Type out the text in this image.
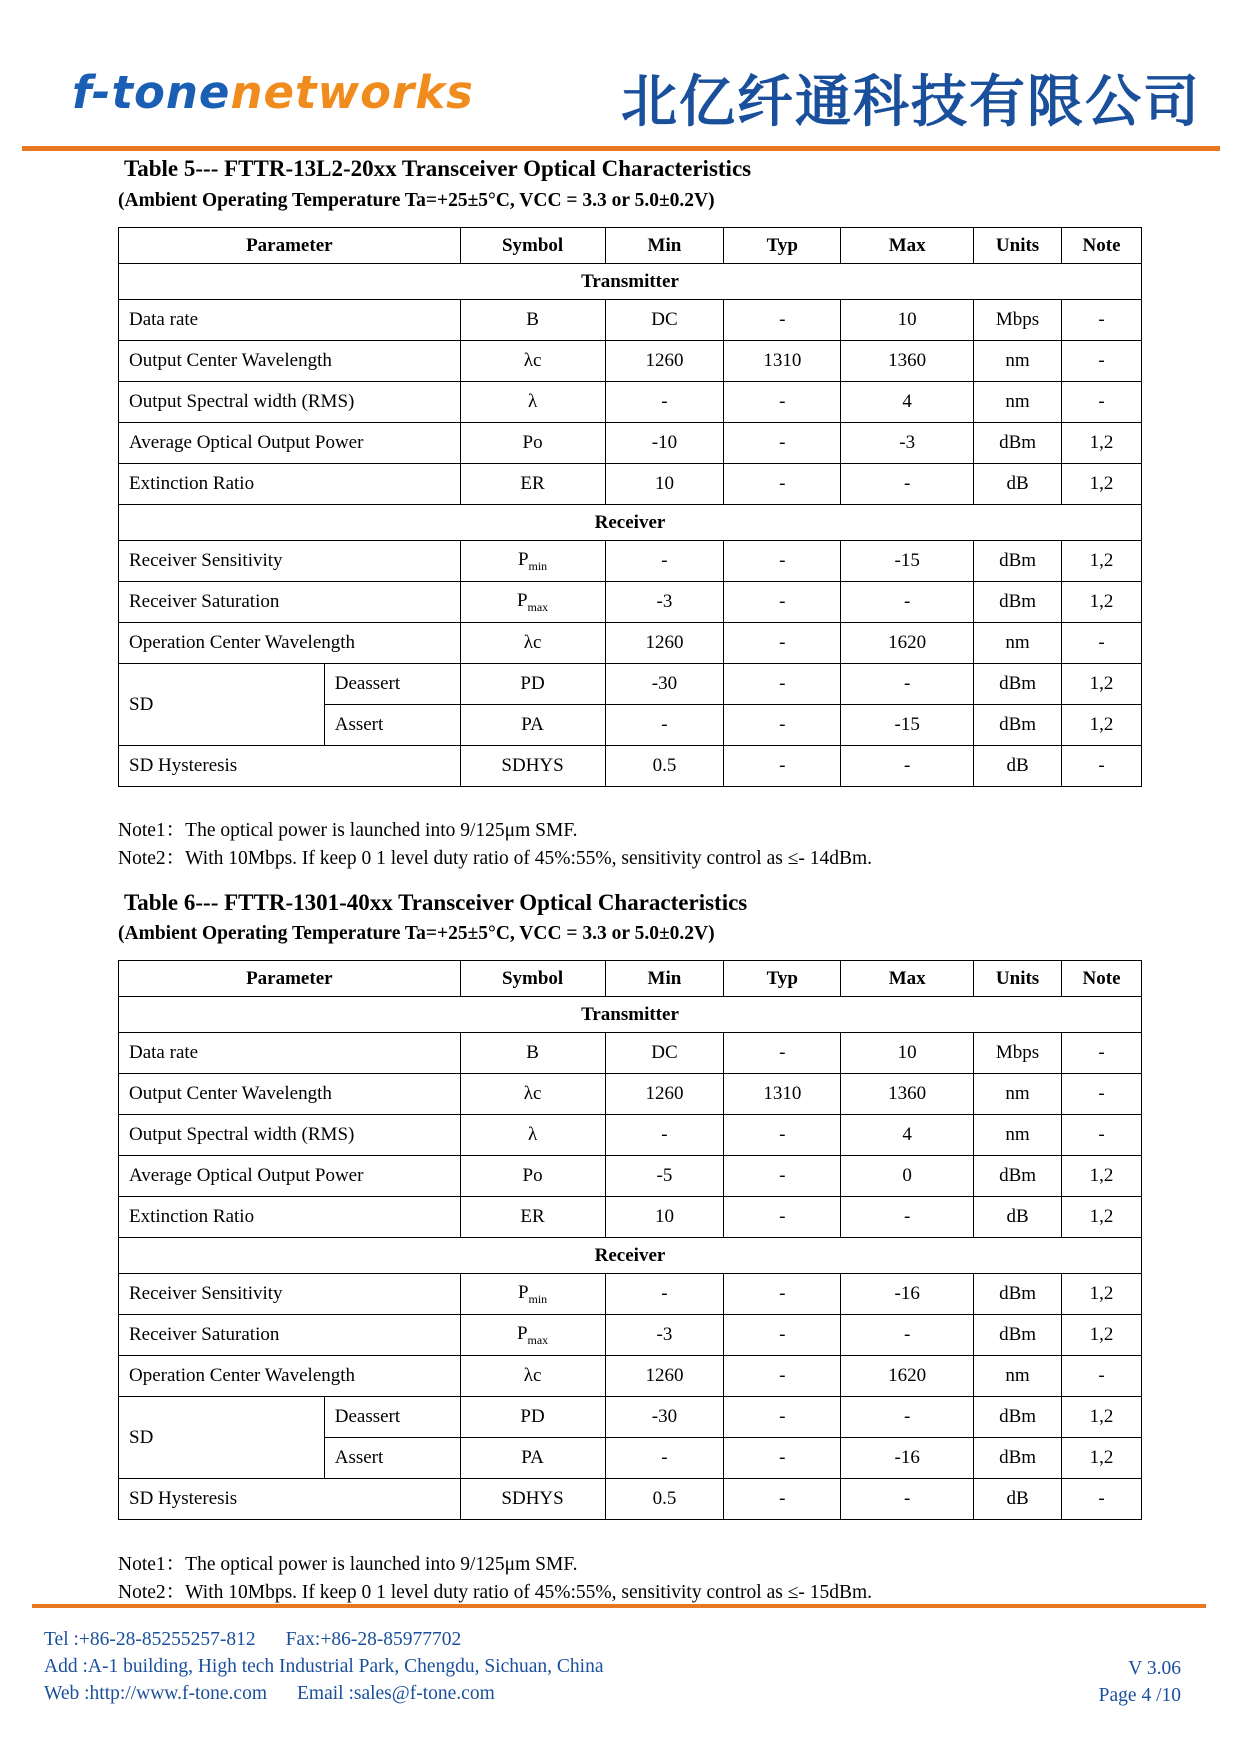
f-tonenetworks	北亿纤通科技有限公司
Table 5--- FTTR-13L2-20xx Transceiver Optical Characteristics
(Ambient Operating Temperature Ta=+25±5°C, VCC = 3.3 or 5.0±0.2V)
Parameter		Symbol	Min	Typ	Max	Units	Note
Transmitter							
Data rate		B	DC	-	10	Mbps	-
Output Center Wavelength		λc	1260	1310	1360	nm	-
Output Spectral width (RMS)		λ	-	-	4	nm	-
Average Optical Output Power		Po	-10	-	-3	dBm	1,2
Extinction Ratio		ER	10	-	-	dB	1,2
Receiver							
Receiver Sensitivity		$P_{min}$	-	-	-15	dBm	1,2
Receiver Saturation		$P_{max}$	-3	-	-	dBm	1,2
Operation Center Wavelength		λc	1260	-	1620	nm	-
SD	Deassert	PD	-30	-	-	dBm	1,2
	Assert	PA	-	-	-15	dBm	1,2
SD Hysteresis		SDHYS	0.5	-	-	dB	-
Note1：The optical power is launched into 9/125μm SMF.
Note2：With 10Mbps. If keep 0 1 level duty ratio of 45%:55%, sensitivity control as ≤- 14dBm.
Table 6--- FTTR-1301-40xx Transceiver Optical Characteristics
(Ambient Operating Temperature Ta=+25±5°C, VCC = 3.3 or 5.0±0.2V)
Parameter		Symbol	Min	Typ	Max	Units	Note
Transmitter							
Data rate		B	DC	-	10	Mbps	-
Output Center Wavelength		λc	1260	1310	1360	nm	-
Output Spectral width (RMS)		λ	-	-	4	nm	-
Average Optical Output Power		Po	-5	-	0	dBm	1,2
Extinction Ratio		ER	10	-	-	dB	1,2
Receiver							
Receiver Sensitivity		$P_{min}$	-	-	-16	dBm	1,2
Receiver Saturation		$P_{max}$	-3	-	-	dBm	1,2
Operation Center Wavelength		λc	1260	-	1620	nm	-
SD	Deassert	PD	-30	-	-	dBm	1,2
	Assert	PA	-	-	-16	dBm	1,2
SD Hysteresis		SDHYS	0.5	-	-	dB	-
Note1：The optical power is launched into 9/125μm SMF.
Note2：With 10Mbps. If keep 0 1 level duty ratio of 45%:55%, sensitivity control as ≤- 15dBm.
Tel :+86-28-85255257-812 Fax:+86-28-85977702
Add :A-1 building, High tech Industrial Park, Chengdu, Sichuan, China
Web :http://www.f-tone.com Email :sales@f-tone.com
V 3.06
Page 4 /10
